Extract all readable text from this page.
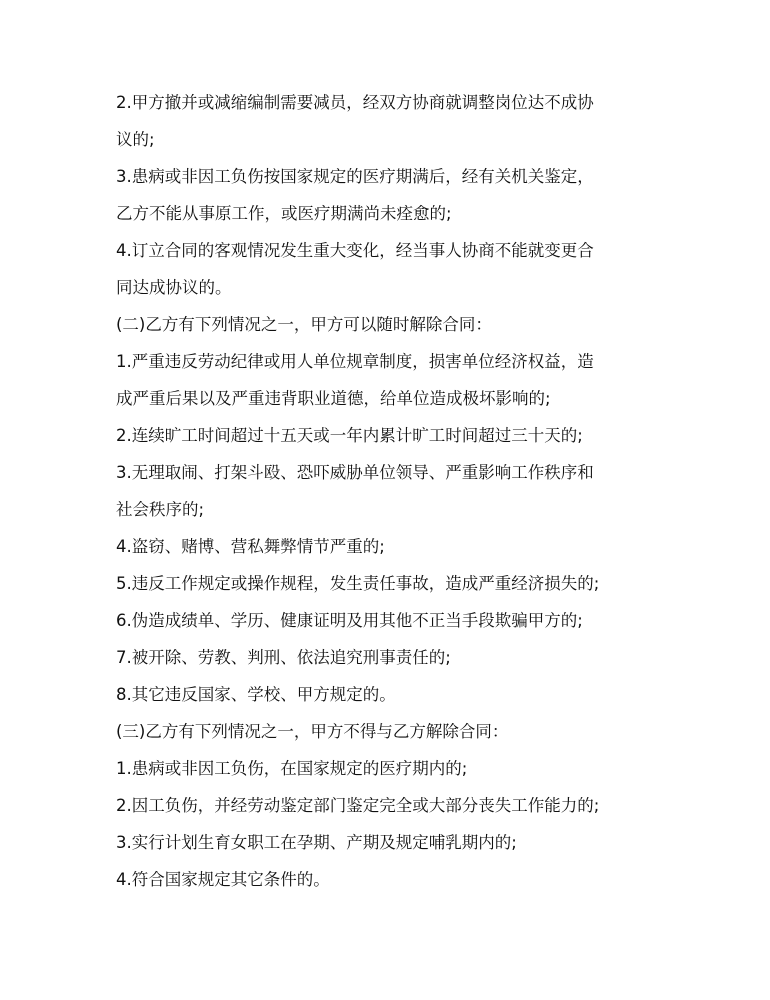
2.甲方撤并或减缩编制需要减员，经双方协商就调整岗位达不成协
议的;
3.患病或非因工负伤按国家规定的医疗期满后，经有关机关鉴定，
乙方不能从事原工作，或医疗期满尚未痊愈的;
4.订立合同的客观情况发生重大变化，经当事人协商不能就变更合
同达成协议的。
(二)乙方有下列情况之一，甲方可以随时解除合同：
1.严重违反劳动纪律或用人单位规章制度，损害单位经济权益，造
成严重后果以及严重违背职业道德，给单位造成极坏影响的;
2.连续旷工时间超过十五天或一年内累计旷工时间超过三十天的;
3.无理取闹、打架斗殴、恐吓威胁单位领导、严重影响工作秩序和
社会秩序的;
4.盗窃、赌博、营私舞弊情节严重的;
5.违反工作规定或操作规程，发生责任事故，造成严重经济损失的;
6.伪造成绩单、学历、健康证明及用其他不正当手段欺骗甲方的;
7.被开除、劳教、判刑、依法追究刑事责任的;
8.其它违反国家、学校、甲方规定的。
(三)乙方有下列情况之一，甲方不得与乙方解除合同：
1.患病或非因工负伤，在国家规定的医疗期内的;
2.因工负伤，并经劳动鉴定部门鉴定完全或大部分丧失工作能力的;
3.实行计划生育女职工在孕期、产期及规定哺乳期内的;
4.符合国家规定其它条件的。
